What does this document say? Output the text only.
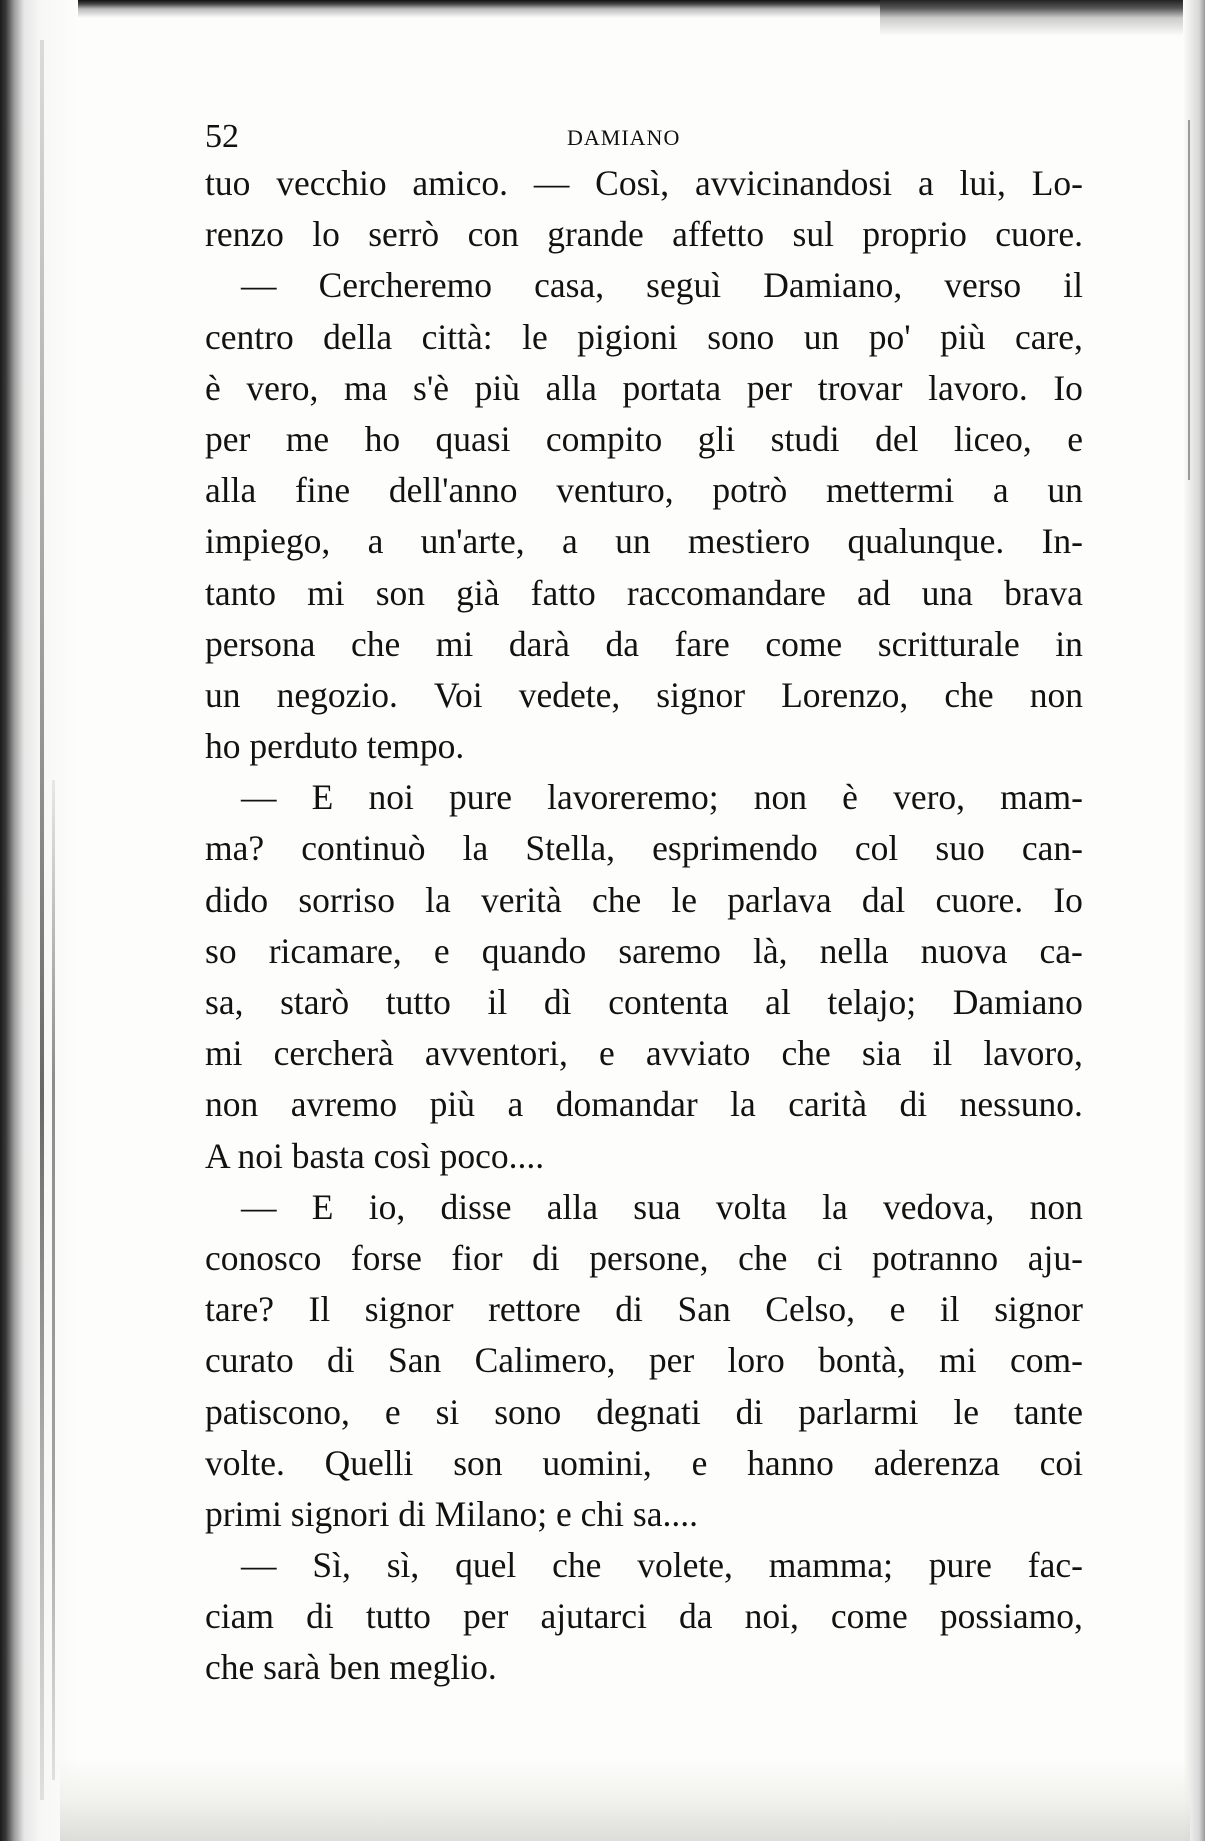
52	DAMIANO
tuo vecchio amico. — Così, avvicinandosi a lui, Lo-
renzo lo serrò con grande affetto sul proprio cuore.
— Cercheremo casa, seguì Damiano, verso il
centro della città: le pigioni sono un po' più care,
è vero, ma s'è più alla portata per trovar lavoro. Io
per me ho quasi compito gli studi del liceo, e
alla fine dell'anno venturo, potrò mettermi a un
impiego, a un'arte, a un mestiero qualunque. In-
tanto mi son già fatto raccomandare ad una brava
persona che mi darà da fare come scritturale in
un negozio. Voi vedete, signor Lorenzo, che non
ho perduto tempo.
— E noi pure lavoreremo; non è vero, mam-
ma? continuò la Stella, esprimendo col suo can-
dido sorriso la verità che le parlava dal cuore. Io
so ricamare, e quando saremo là, nella nuova ca-
sa, starò tutto il dì contenta al telajo; Damiano
mi cercherà avventori, e avviato che sia il lavoro,
non avremo più a domandar la carità di nessuno.
A noi basta così poco....
— E io, disse alla sua volta la vedova, non
conosco forse fior di persone, che ci potranno aju-
tare? Il signor rettore di San Celso, e il signor
curato di San Calimero, per loro bontà, mi com-
patiscono, e si sono degnati di parlarmi le tante
volte. Quelli son uomini, e hanno aderenza coi
primi signori di Milano; e chi sa....
— Sì, sì, quel che volete, mamma; pure fac-
ciam di tutto per ajutarci da noi, come possiamo,
che sarà ben meglio.
